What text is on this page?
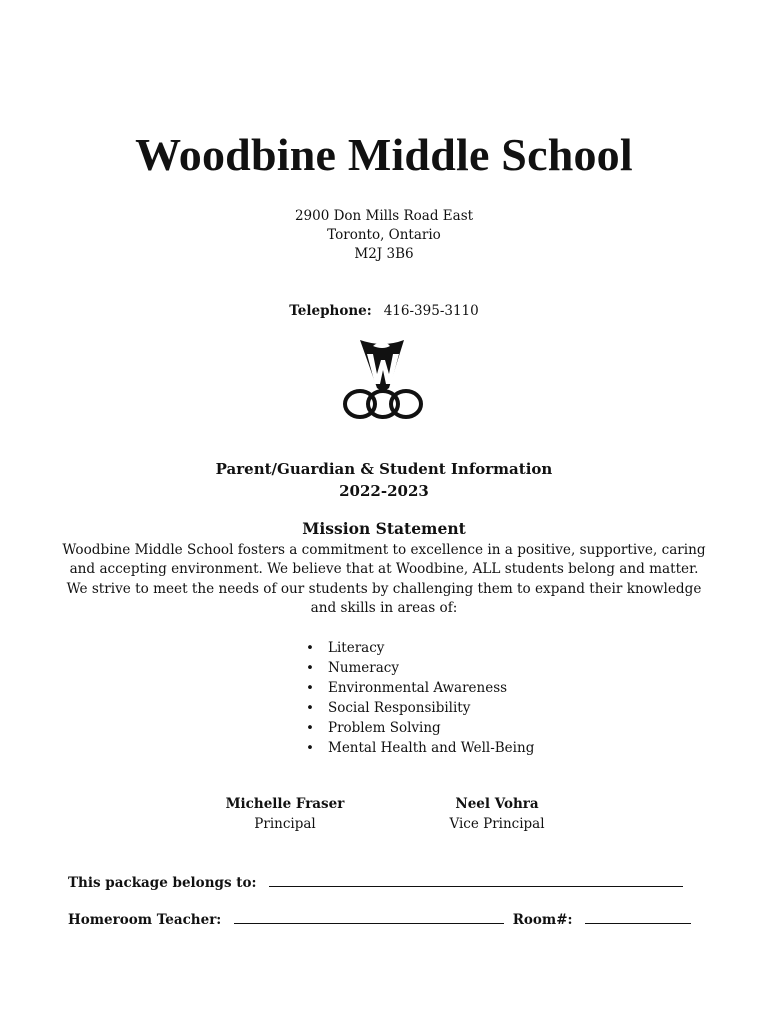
Woodbine Middle School
2900 Don Mills Road East
Toronto, Ontario
M2J 3B6
Telephone: 416-395-3110
Parent/Guardian & Student Information
2022-2023
Mission Statement
Woodbine Middle School fosters a commitment to excellence in a positive, supportive, caring
and accepting environment. We believe that at Woodbine, ALL students belong and matter.
We strive to meet the needs of our students by challenging them to expand their knowledge
and skills in areas of:
• Literacy
• Numeracy
• Environmental Awareness
• Social Responsibility
• Problem Solving
• Mental Health and Well-Being
Michelle Fraser
Principal
Neel Vohra
Vice Principal
This package belongs to:
Homeroom Teacher:	Room#:
